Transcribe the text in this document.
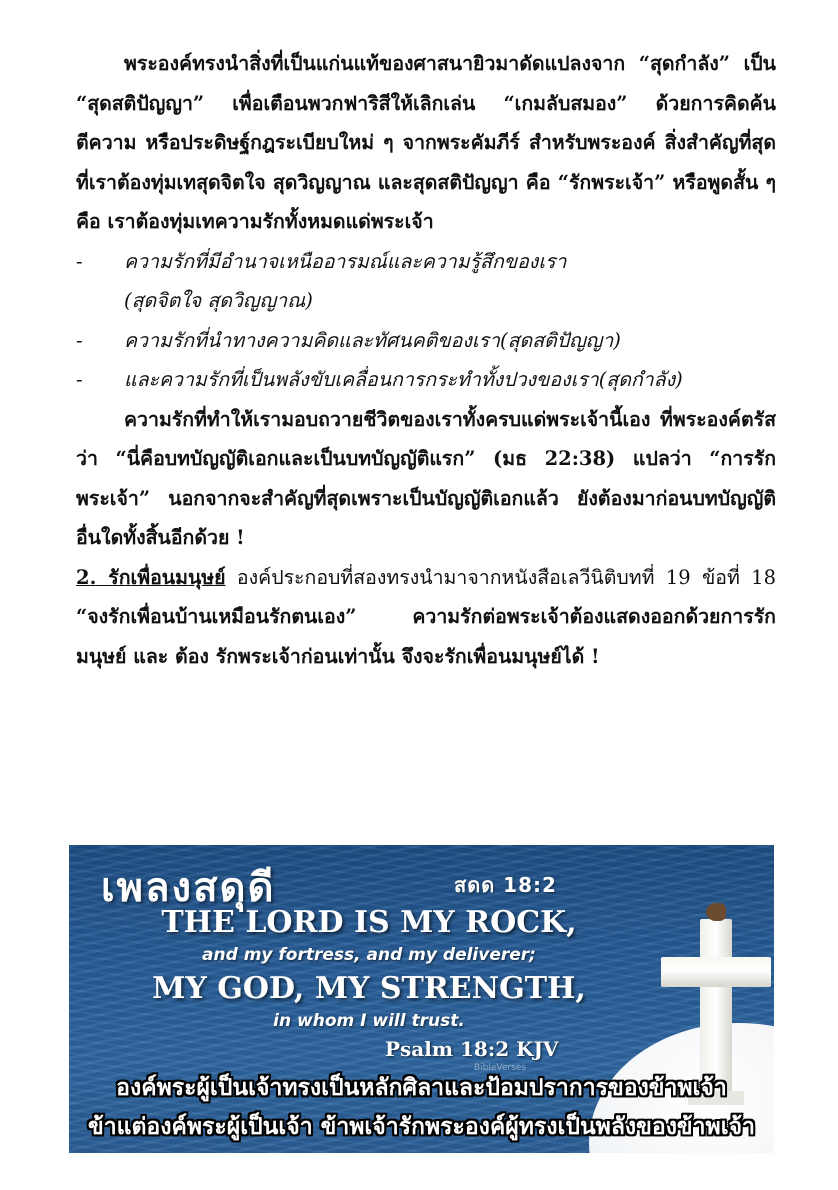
พระองค์ทรงนำสิ่งที่เป็นแก่นแท้ของศาสนายิวมาดัดแปลงจาก “สุดกำลัง” เป็น “สุดสติปัญญา” เพื่อเตือนพวกฟาริสีให้เลิกเล่น “เกมลับสมอง” ด้วยการคิดค้น ตีความ หรือประดิษฐ์กฎระเบียบใหม่ ๆ จากพระคัมภีร์ สำหรับพระองค์ สิ่งสำคัญที่สุดที่เราต้องทุ่มเทสุดจิตใจ สุดวิญญาณ และสุดสติปัญญา คือ “รักพระเจ้า” หรือพูดสั้น ๆ คือ เราต้องทุ่มเทความรักทั้งหมดแด่พระเจ้า

- ความรักที่มีอำนาจเหนืออารมณ์และความรู้สึกของเรา
(สุดจิตใจ สุดวิญญาณ)

- ความรักที่นำทางความคิดและทัศนคติของเรา(สุดสติปัญญา)

- และความรักที่เป็นพลังขับเคลื่อนการกระทำทั้งปวงของเรา(สุดกำลัง)

ความรักที่ทำให้เรามอบถวายชีวิตของเราทั้งครบแด่พระเจ้านี้เอง ที่พระองค์ตรัสว่า “นี่คือบทบัญญัติเอกและเป็นบทบัญญัติแรก” (มธ 22:38) แปลว่า “การรักพระเจ้า” นอกจากจะสำคัญที่สุดเพราะเป็นบัญญัติเอกแล้ว ยังต้องมาก่อนบทบัญญัติอื่นใดทั้งสิ้นอีกด้วย !

2. รักเพื่อนมนุษย์ องค์ประกอบที่สองทรงนำมาจากหนังสือเลวีนิติบทที่ 19 ข้อที่ 18 “จงรักเพื่อนบ้านเหมือนรักตนเอง” ความรักต่อพระเจ้าต้องแสดงออกด้วยการรักมนุษย์ และ ต้อง รักพระเจ้าก่อนเท่านั้น จึงจะรักเพื่อนมนุษย์ได้ !

เพลงสดุดี	สดด 18:2
THE LORD IS MY ROCK,
and my fortress, and my deliverer;
MY GOD, MY STRENGTH,
in whom I will trust.
Psalm 18:2 KJV
BibleVerses
องค์พระผู้เป็นเจ้าทรงเป็นหลักศิลาและป้อมปราการของข้าพเจ้า
ข้าแต่องค์พระผู้เป็นเจ้า ข้าพเจ้ารักพระองค์ผู้ทรงเป็นพลังของข้าพเจ้า
